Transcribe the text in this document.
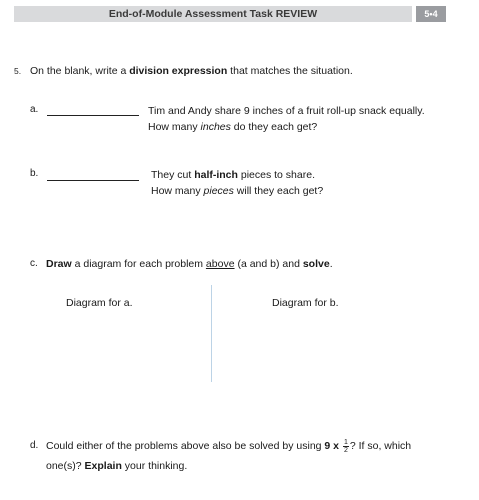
End-of-Module Assessment Task REVIEW	5•4
5. On the blank, write a division expression that matches the situation.
a.	Tim and Andy share 9 inches of a fruit roll-up snack equally.
How many inches do they each get?
b.	They cut half-inch pieces to share.
How many pieces will they each get?
c. Draw a diagram for each problem above (a and b) and solve.
Diagram for a.	Diagram for b.
d. Could either of the problems above also be solved by using 9 x $\frac{1}{2}$ ? If so, which
one(s)? Explain your thinking.
